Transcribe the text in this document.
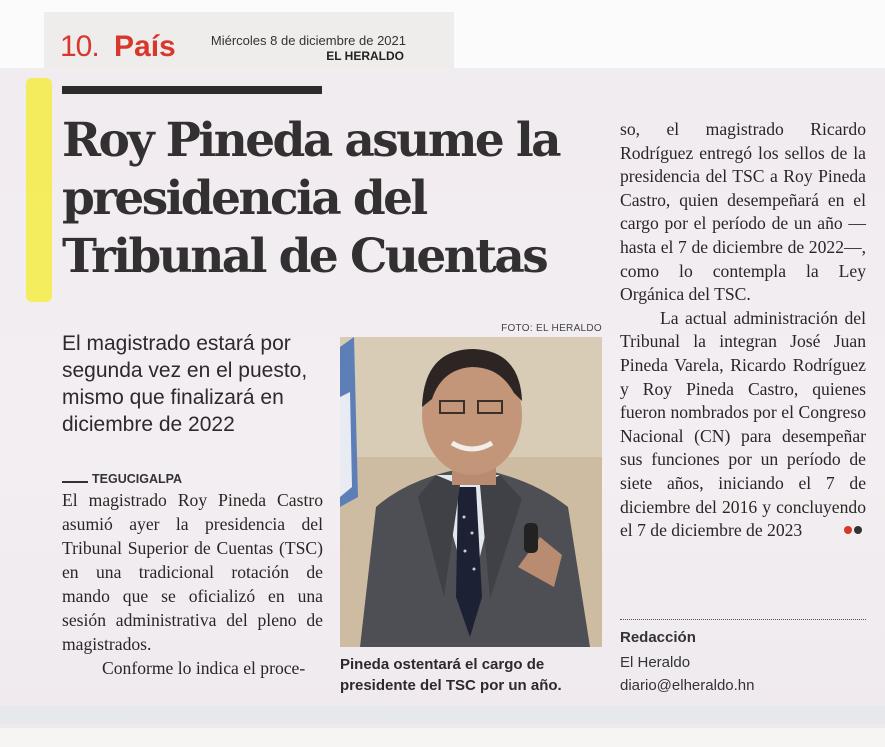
10. País	Miércoles 8 de diciembre de 2021
EL HERALDO
Roy Pineda asume la presidencia del Tribunal de Cuentas
El magistrado estará por segunda vez en el puesto, mismo que finalizará en diciembre de 2022
TEGUCIGALPA

El magistrado Roy Pineda Castro asumió ayer la presidencia del Tribunal Superior de Cuentas (TSC) en una tradicional rotación de mando que se oficializó en una sesión administrativa del pleno de magistrados.

Conforme lo indica el proce-

FOTO: EL HERALDO
Pineda ostentará el cargo de presidente del TSC por un año.

so, el magistrado Ricardo Rodríguez entregó los sellos de la presidencia del TSC a Roy Pineda Castro, quien desempeñará en el cargo por el período de un año —hasta el 7 de diciembre de 2022—, como lo contempla la Ley Orgánica del TSC.

La actual administración del Tribunal la integran José Juan Pineda Varela, Ricardo Rodríguez y Roy Pineda Castro, quienes fueron nombrados por el Congreso Nacional (CN) para desempeñar sus funciones por un período de siete años, iniciando el 7 de diciembre del 2016 y concluyendo el 7 de diciembre de 2023

Redacción
El Heraldo
diario@elheraldo.hn
